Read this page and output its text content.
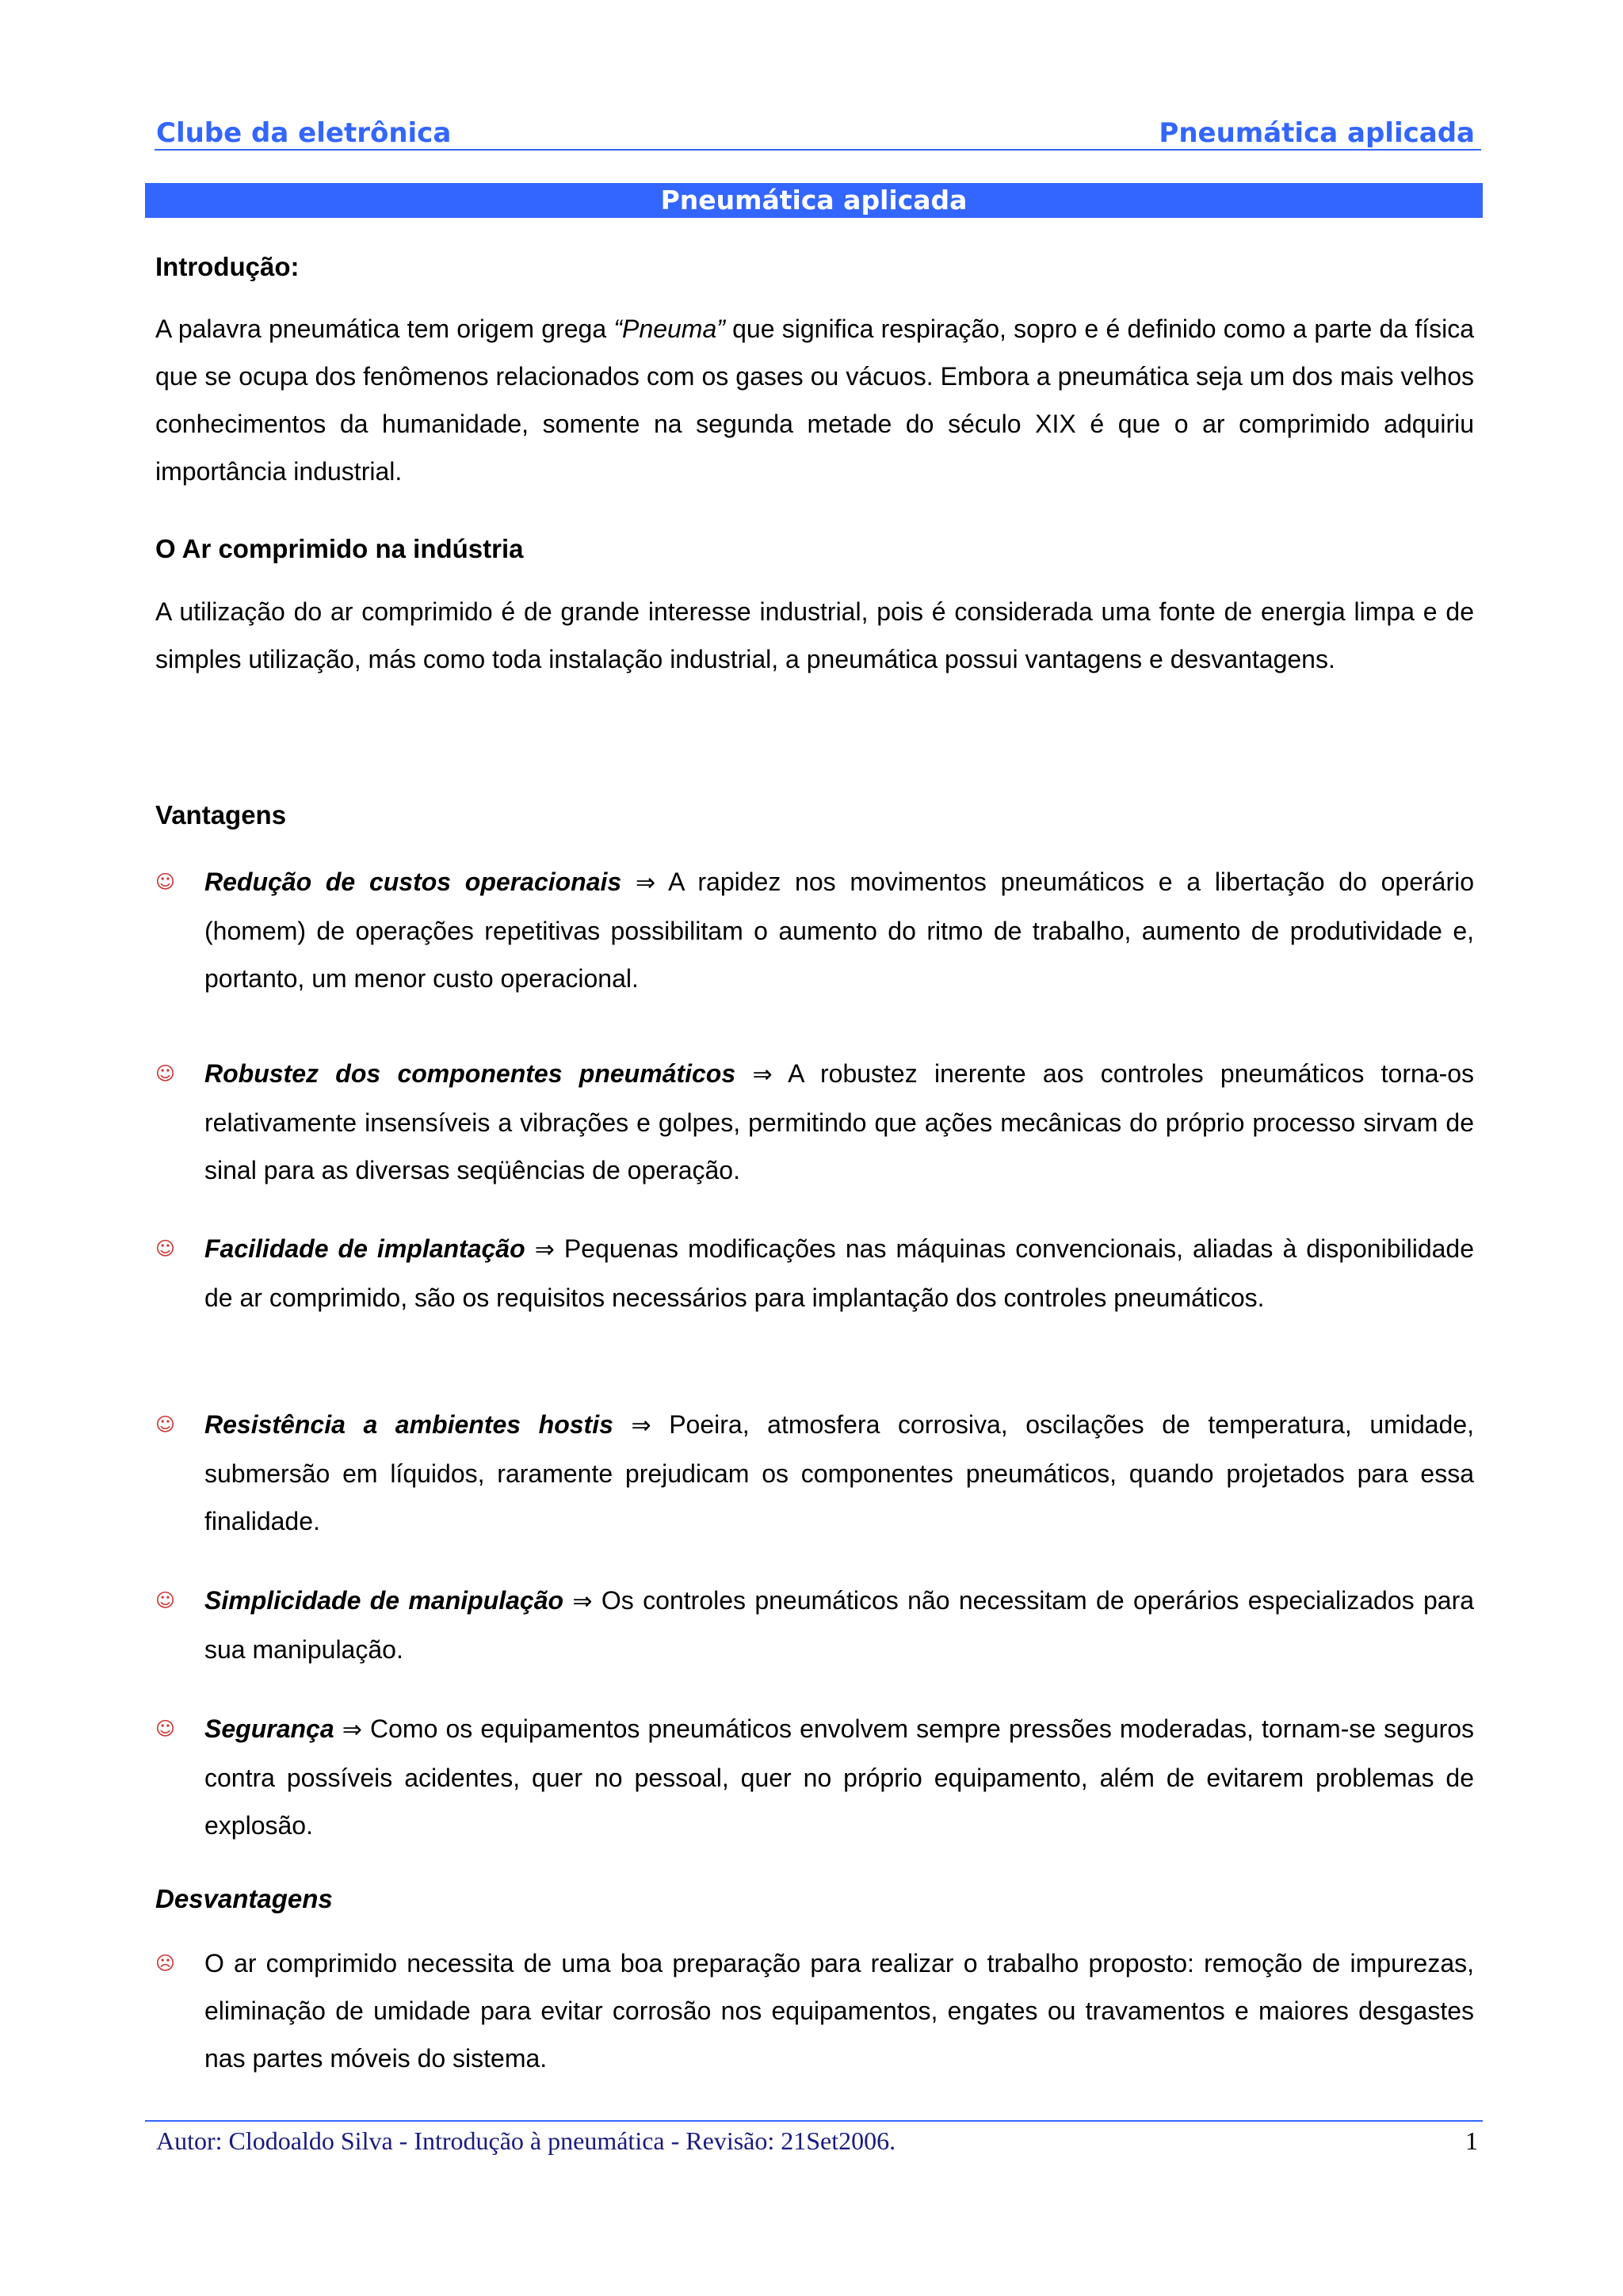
Clube da eletrônica	Pneumática aplicada
Pneumática aplicada
Introdução:
A palavra pneumática tem origem grega “Pneuma” que significa respiração, sopro e é definido como a parte da física que se ocupa dos fenômenos relacionados com os gases ou vácuos. Embora a pneumática seja um dos mais velhos conhecimentos da humanidade, somente na segunda metade do século XIX é que o ar comprimido adquiriu importância industrial.
O Ar comprimido na indústria
A utilização do ar comprimido é de grande interesse industrial, pois é considerada uma fonte de energia limpa e de simples utilização, más como toda instalação industrial, a pneumática possui vantagens e desvantagens.
Vantagens
☺	Redução de custos operacionais ⇒ A rapidez nos movimentos pneumáticos e a libertação do operário (homem) de operações repetitivas possibilitam o aumento do ritmo de trabalho, aumento de produtividade e, portanto, um menor custo operacional.
☺	Robustez dos componentes pneumáticos ⇒ A robustez inerente aos controles pneumáticos torna-os relativamente insensíveis a vibrações e golpes, permitindo que ações mecânicas do próprio processo sirvam de sinal para as diversas seqüências de operação.
☺	Facilidade de implantação ⇒ Pequenas modificações nas máquinas convencionais, aliadas à disponibilidade de ar comprimido, são os requisitos necessários para implantação dos controles pneumáticos.
☺	Resistência a ambientes hostis ⇒ Poeira, atmosfera corrosiva, oscilações de temperatura, umidade, submersão em líquidos, raramente prejudicam os componentes pneumáticos, quando projetados para essa finalidade.
☺	Simplicidade de manipulação ⇒ Os controles pneumáticos não necessitam de operários especializados para sua manipulação.
☺	Segurança ⇒ Como os equipamentos pneumáticos envolvem sempre pressões moderadas, tornam-se seguros contra possíveis acidentes, quer no pessoal, quer no próprio equipamento, além de evitarem problemas de explosão.
Desvantagens
☹	O ar comprimido necessita de uma boa preparação para realizar o trabalho proposto: remoção de impurezas, eliminação de umidade para evitar corrosão nos equipamentos, engates ou travamentos e maiores desgastes nas partes móveis do sistema.
Autor: Clodoaldo Silva - Introdução à pneumática - Revisão: 21Set2006.	1
